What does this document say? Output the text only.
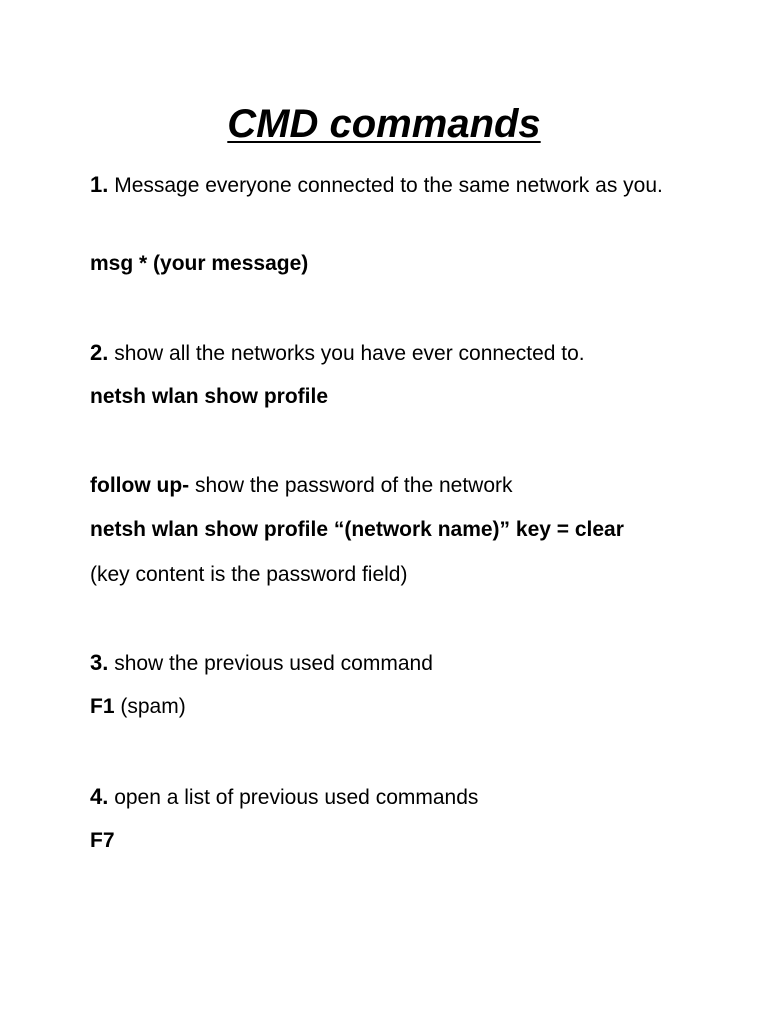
CMD commands

1. Message everyone connected to the same network as you.

msg * (your message)

2. show all the networks you have ever connected to.

netsh wlan show profile

follow up- show the password of the network

netsh wlan show profile “(network name)” key = clear

(key content is the password field)

3. show the previous used command

F1 (spam)

4. open a list of previous used commands

F7
